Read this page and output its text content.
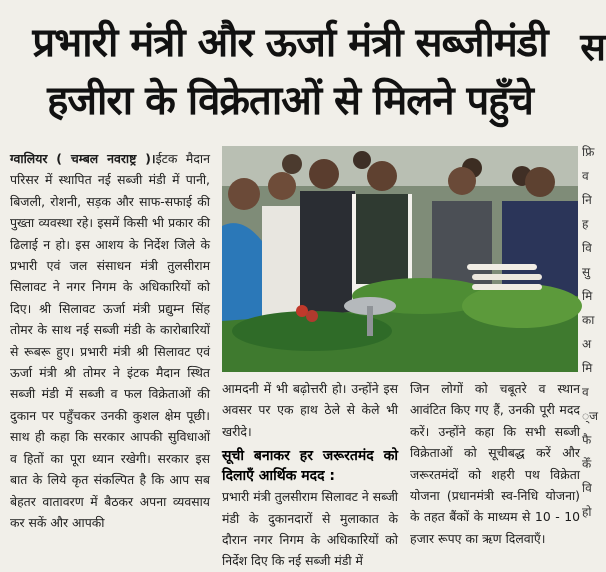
प्रभारी मंत्री और ऊर्जा मंत्री सब्जीमंडी
हजीरा के विक्रेताओं से मिलने पहुँचे
स
फ्रि
व
नि
ह
वि
सु
मि
का
अ
मि
व
्ज
फै
केँ
वि
हो

ग्वालियर ( चम्बल नवराष्ट्र )।ईटक मैदान परिसर में स्थापित नई सब्जी मंडी में पानी, बिजली, रोशनी, सड़क और साफ-सफाई की पुख्ता व्यवस्था रहे। इसमें किसी भी प्रकार की ढिलाई न हो। इस आशय के निर्देश जिले के प्रभारी एवं जल संसाधन मंत्री तुलसीराम सिलावट ने नगर निगम के अधिकारियों को दिए। श्री सिलावट ऊर्जा मंत्री प्रद्युम्न सिंह तोमर के साथ नई सब्जी मंडी के कारोबारियों से रूबरू हुए। प्रभारी मंत्री श्री सिलावट एवं ऊर्जा मंत्री श्री तोमर ने इंटक मैदान स्थित सब्जी मंडी में सब्जी व फल विक्रेताओं की दुकान पर पहुँचकर उनकी कुशल क्षेम पूछी। साथ ही कहा कि सरकार आपकी सुविधाओं व हितों का पूरा ध्यान रखेगी। सरकार इस बात के लिये कृत संकल्पित है कि आप सब बेहतर वातावरण में बैठकर अपना व्यवसाय कर सकें और आपकी

आमदनी में भी बढ़ोत्तरी हो। उन्होंने इस अवसर पर एक हाथ ठेले से केले भी खरीदे।

सूची बनाकर हर जरूरतमंद को दिलाएँ आर्थिक मदद :
प्रभारी मंत्री तुलसीराम सिलावट ने सब्जी मंडी के दुकानदारों से मुलाकात के दौरान नगर निगम के अधिकारियों को निर्देश दिए कि नई सब्जी मंडी में

जिन लोगों को चबूतरे व स्थान आवंटित किए गए हैं, उनकी पूरी मदद करें। उन्होंने कहा कि सभी सब्जी विक्रेताओं को सूचीबद्ध करें और जरूरतमंदों को शहरी पथ विक्रेता योजना (प्रधानमंत्री स्व-निधि योजना) के तहत बैंकों के माध्यम से 10 - 10 हजार रूपए का ऋण दिलवाएँ।
